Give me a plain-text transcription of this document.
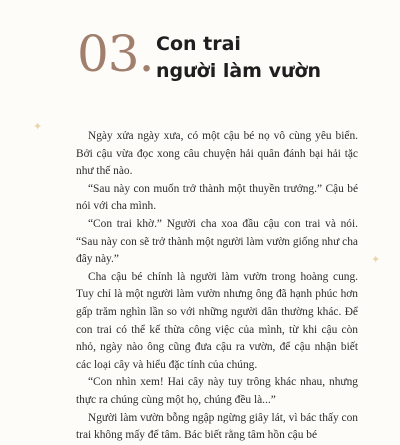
03. Con trai
người làm vườn
✦
✦

Ngày xửa ngày xưa, có một cậu bé nọ vô cùng yêu biển. Bởi cậu vừa đọc xong câu chuyện hải quân đánh bại hải tặc như thế nào.

“Sau này con muốn trở thành một thuyền trưởng.” Cậu bé nói với cha mình.

“Con trai khờ.” Người cha xoa đầu cậu con trai và nói. “Sau này con sẽ trở thành một người làm vườn giống như cha đây này.”

Cha cậu bé chính là người làm vườn trong hoàng cung. Tuy chỉ là một người làm vườn nhưng ông đã hạnh phúc hơn gấp trăm nghìn lần so với những người dân thường khác. Để con trai có thể kế thừa công việc của mình, từ khi cậu còn nhỏ, ngày nào ông cũng đưa cậu ra vườn, để cậu nhận biết các loại cây và hiểu đặc tính của chúng.

“Con nhìn xem! Hai cây này tuy trông khác nhau, nhưng thực ra chúng cùng một họ, chúng đều là...”

Người làm vườn bỗng ngập ngừng giây lát, vì bác thấy con trai không mấy để tâm. Bác biết rằng tâm hồn cậu bé
